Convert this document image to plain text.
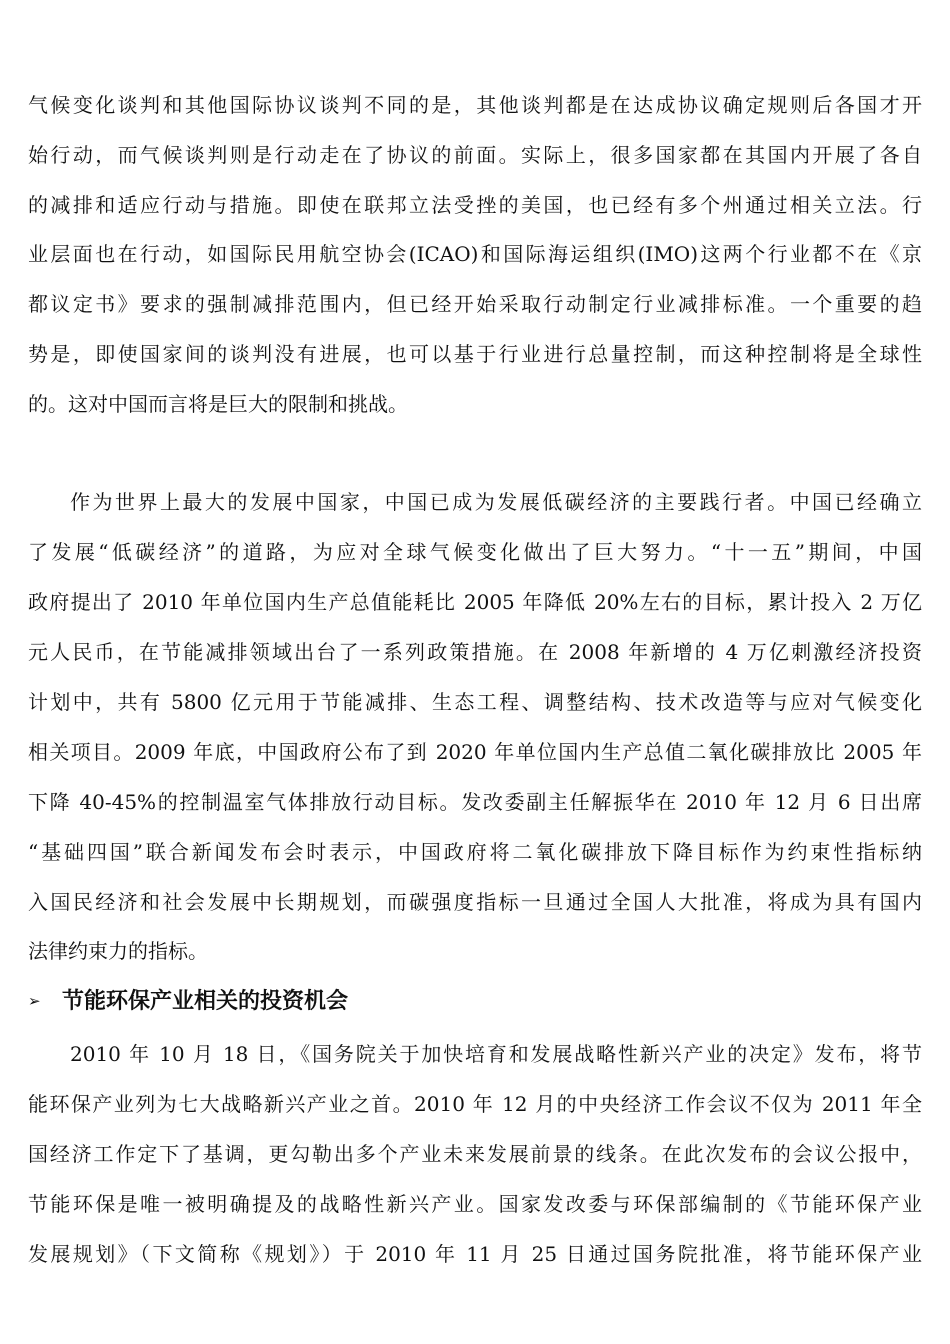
气候变化谈判和其他国际协议谈判不同的是，其他谈判都是在达成协议确定规则后各国才开
始行动，而气候谈判则是行动走在了协议的前面。实际上，很多国家都在其国内开展了各自
的减排和适应行动与措施。即使在联邦立法受挫的美国，也已经有多个州通过相关立法。行
业层面也在行动，如国际民用航空协会(ICAO)和国际海运组织(IMO)这两个行业都不在《京
都议定书》要求的强制减排范围内，但已经开始采取行动制定行业减排标准。一个重要的趋
势是，即使国家间的谈判没有进展，也可以基于行业进行总量控制，而这种控制将是全球性
的。这对中国而言将是巨大的限制和挑战。
作为世界上最大的发展中国家，中国已成为发展低碳经济的主要践行者。中国已经确立
了发展“低碳经济”的道路，为应对全球气候变化做出了巨大努力。“十一五”期间，中国
政府提出了 2010 年单位国内生产总值能耗比 2005 年降低 20%左右的目标，累计投入 2 万亿
元人民币，在节能减排领域出台了一系列政策措施。在 2008 年新增的 4 万亿刺激经济投资
计划中，共有 5800 亿元用于节能减排、生态工程、调整结构、技术改造等与应对气候变化
相关项目。2009 年底，中国政府公布了到 2020 年单位国内生产总值二氧化碳排放比 2005 年
下降 40-45%的控制温室气体排放行动目标。发改委副主任解振华在 2010 年 12 月 6 日出席
“基础四国”联合新闻发布会时表示，中国政府将二氧化碳排放下降目标作为约束性指标纳
入国民经济和社会发展中长期规划，而碳强度指标一旦通过全国人大批准，将成为具有国内
法律约束力的指标。
➢ 节能环保产业相关的投资机会
2010 年 10 月 18 日，《国务院关于加快培育和发展战略性新兴产业的决定》发布，将节
能环保产业列为七大战略新兴产业之首。2010 年 12 月的中央经济工作会议不仅为 2011 年全
国经济工作定下了基调，更勾勒出多个产业未来发展前景的线条。在此次发布的会议公报中，
节能环保是唯一被明确提及的战略性新兴产业。国家发改委与环保部编制的《节能环保产业
发展规划》（下文简称《规划》）于 2010 年 11 月 25 日通过国务院批准，将节能环保产业
